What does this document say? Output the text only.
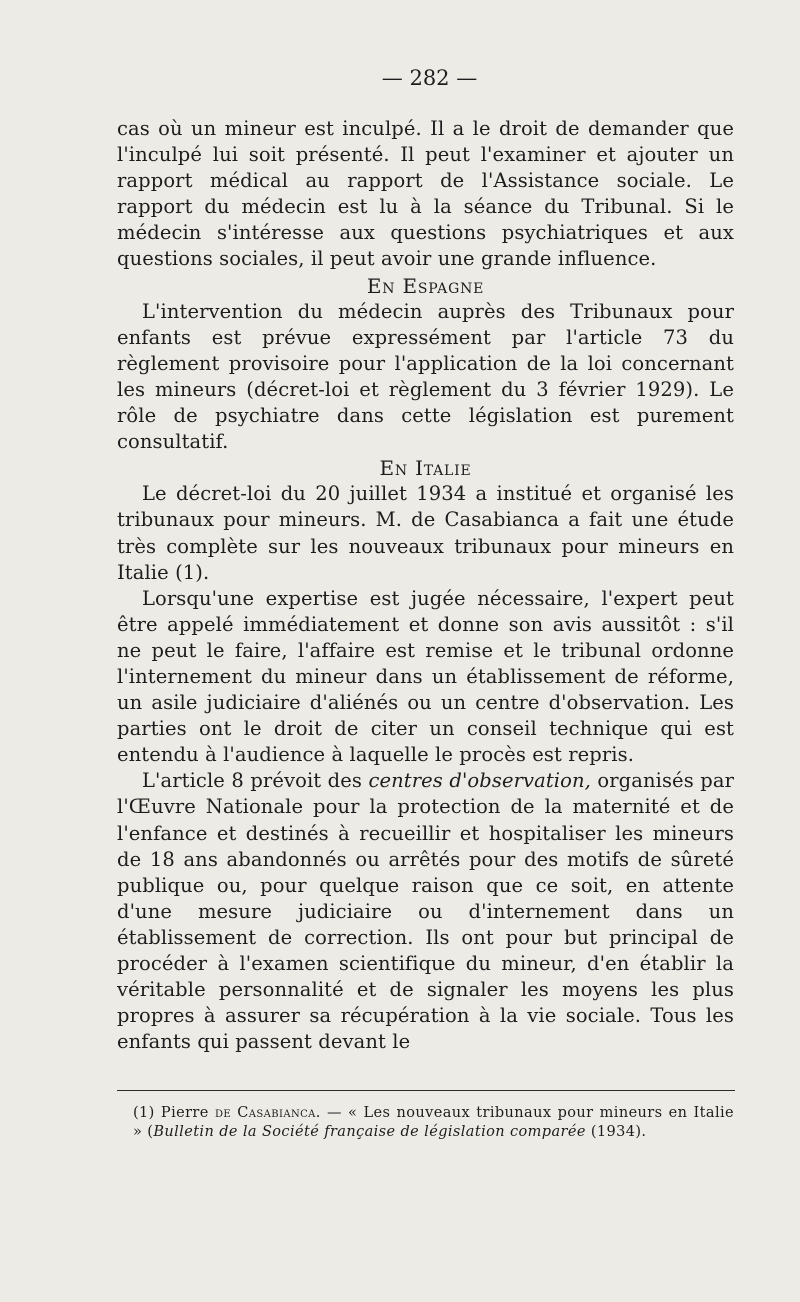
— 282 —

cas où un mineur est inculpé. Il a le droit de demander que l'inculpé lui soit présenté. Il peut l'examiner et ajouter un rapport médical au rapport de l'Assistance sociale. Le rapport du médecin est lu à la séance du Tribunal. Si le médecin s'intéresse aux questions psychiatriques et aux questions sociales, il peut avoir une grande influence.

En Espagne

L'intervention du médecin auprès des Tribunaux pour enfants est prévue expressément par l'article 73 du règlement provisoire pour l'application de la loi concernant les mineurs (décret-loi et règlement du 3 février 1929). Le rôle de psychiatre dans cette législation est purement consultatif.

En Italie

Le décret-loi du 20 juillet 1934 a institué et organisé les tribunaux pour mineurs. M. de Casabianca a fait une étude très complète sur les nouveaux tribunaux pour mineurs en Italie (1).

Lorsqu'une expertise est jugée nécessaire, l'expert peut être appelé immédiatement et donne son avis aussitôt : s'il ne peut le faire, l'affaire est remise et le tribunal ordonne l'internement du mineur dans un établissement de réforme, un asile judiciaire d'aliénés ou un centre d'observation. Les parties ont le droit de citer un conseil technique qui est entendu à l'audience à laquelle le procès est repris.

L'article 8 prévoit des centres d'observation, organisés par l'Œuvre Nationale pour la protection de la maternité et de l'enfance et destinés à recueillir et hospitaliser les mineurs de 18 ans abandonnés ou arrêtés pour des motifs de sûreté publique ou, pour quelque raison que ce soit, en attente d'une mesure judiciaire ou d'internement dans un établissement de correction. Ils ont pour but principal de procéder à l'examen scientifique du mineur, d'en établir la véritable personnalité et de signaler les moyens les plus propres à assurer sa récupération à la vie sociale. Tous les enfants qui passent devant le

(1) Pierre de Casabianca. — « Les nouveaux tribunaux pour mineurs en Italie » (Bulletin de la Société française de législation comparée (1934).
